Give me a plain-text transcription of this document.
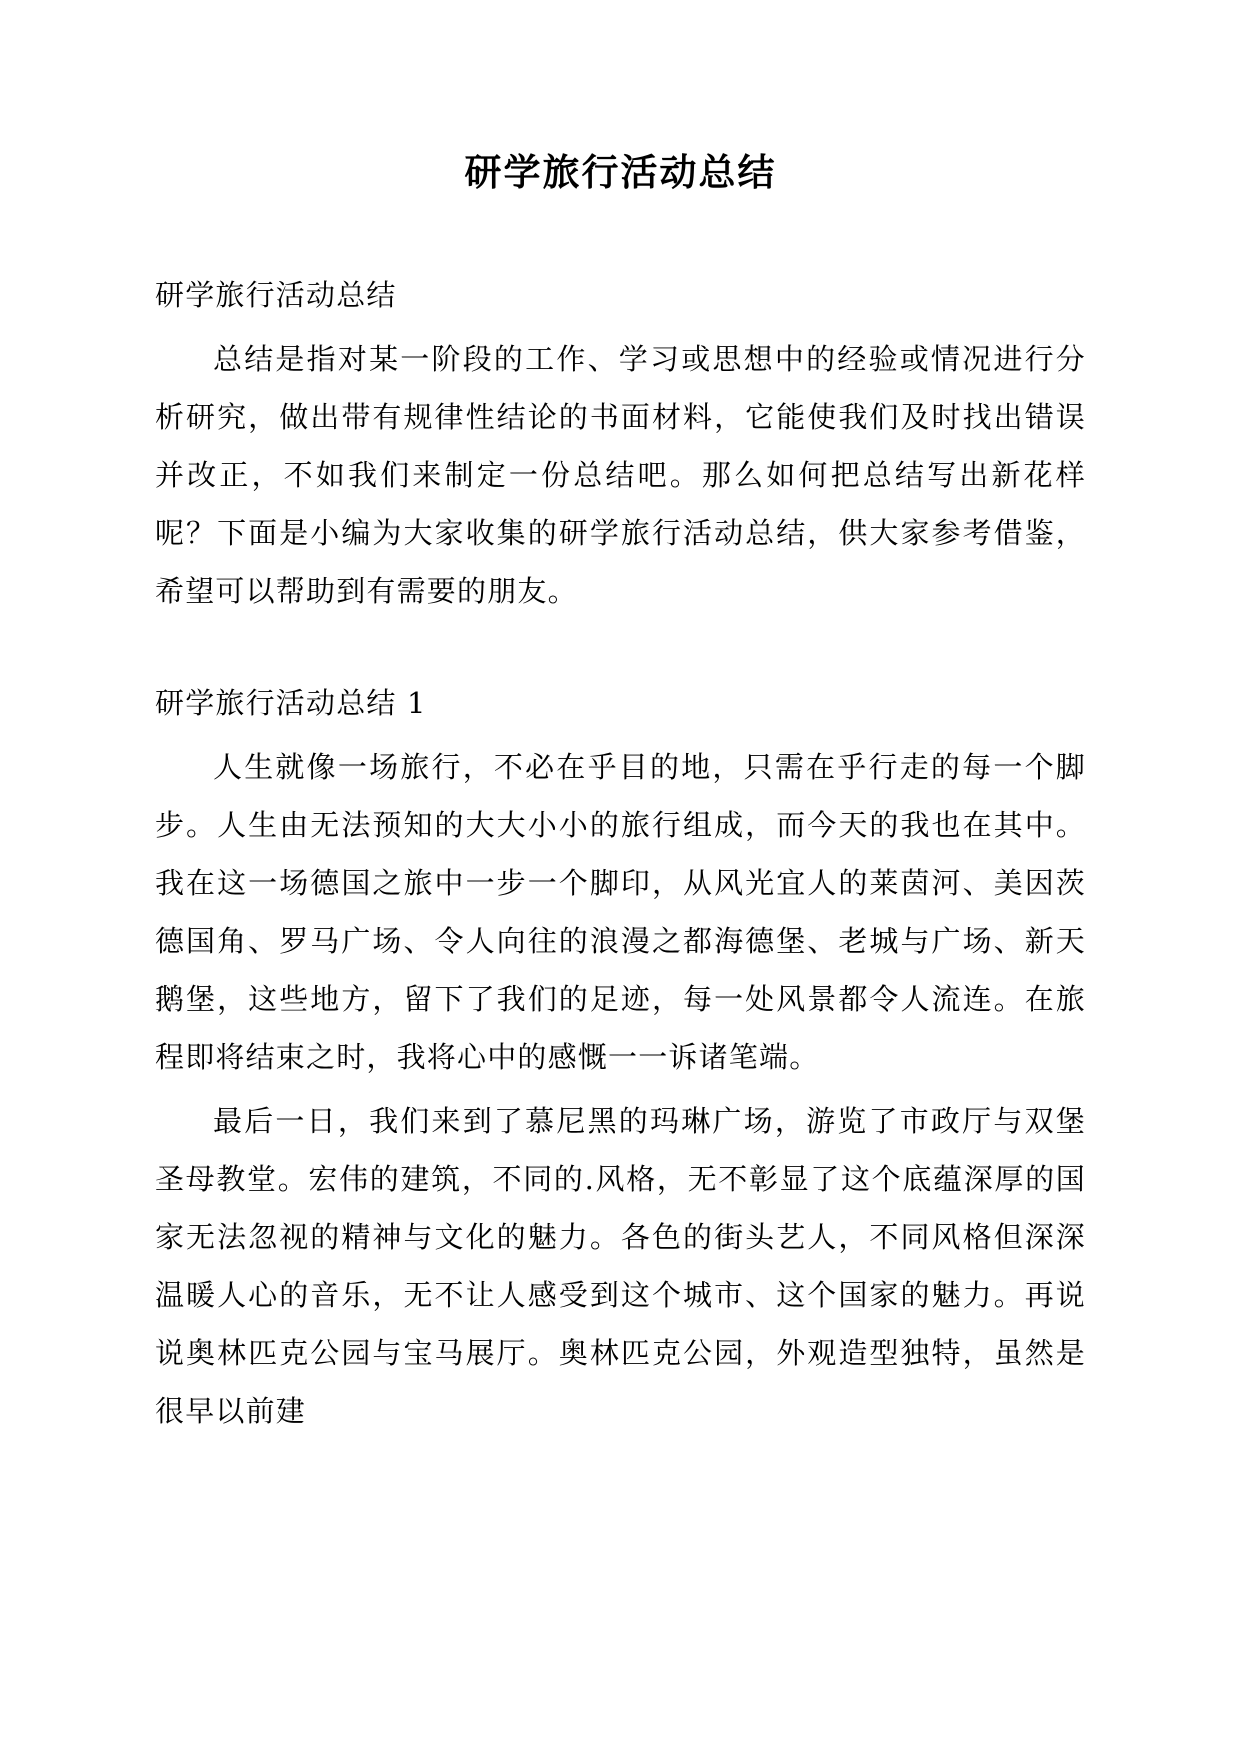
研学旅行活动总结

研学旅行活动总结

总结是指对某一阶段的工作、学习或思想中的经验或情况进行分析研究，做出带有规律性结论的书面材料，它能使我们及时找出错误并改正，不如我们来制定一份总结吧。那么如何把总结写出新花样呢？下面是小编为大家收集的研学旅行活动总结，供大家参考借鉴，希望可以帮助到有需要的朋友。

研学旅行活动总结 1

人生就像一场旅行，不必在乎目的地，只需在乎行走的每一个脚步。人生由无法预知的大大小小的旅行组成，而今天的我也在其中。我在这一场德国之旅中一步一个脚印，从风光宜人的莱茵河、美因茨德国角、罗马广场、令人向往的浪漫之都海德堡、老城与广场、新天鹅堡，这些地方，留下了我们的足迹，每一处风景都令人流连。在旅程即将结束之时，我将心中的感慨一一诉诸笔端。

最后一日，我们来到了慕尼黑的玛琳广场，游览了市政厅与双堡圣母教堂。宏伟的建筑，不同的.风格，无不彰显了这个底蕴深厚的国家无法忽视的精神与文化的魅力。各色的街头艺人，不同风格但深深温暖人心的音乐，无不让人感受到这个城市、这个国家的魅力。再说说奥林匹克公园与宝马展厅。奥林匹克公园，外观造型独特，虽然是很早以前建
